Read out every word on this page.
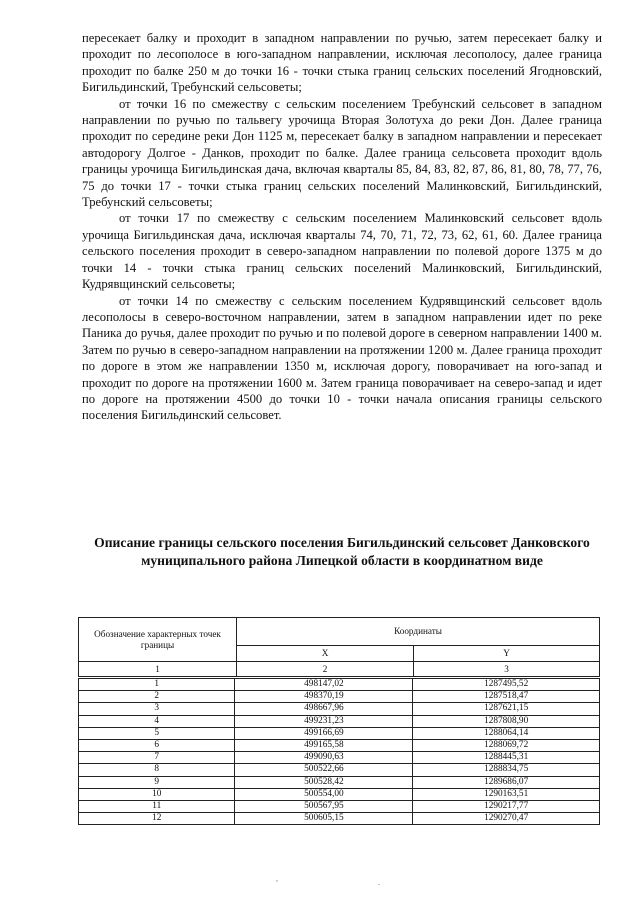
пересекает балку и проходит в западном направлении по ручью, затем пересекает балку и проходит по лесополосе в юго-западном направлении, исключая лесополосу, далее граница проходит по балке 250 м до точки 16 - точки стыка границ сельских поселений Ягодновский, Бигильдинский, Требунский сельсоветы;

от точки 16 по смежеству с сельским поселением Требунский сельсовет в западном направлении по ручью по тальвегу урочища Вторая Золотуха до реки Дон. Далее граница проходит по середине реки Дон 1125 м, пересекает балку в западном направлении и пересекает автодорогу Долгое - Данков, проходит по балке. Далее граница сельсовета проходит вдоль границы урочища Бигильдинская дача, включая кварталы 85, 84, 83, 82, 87, 86, 81, 80, 78, 77, 76, 75 до точки 17 - точки стыка границ сельских поселений Малинковский, Бигильдинский, Требунский сельсоветы;

от точки 17 по смежеству с сельским поселением Малинковский сельсовет вдоль урочища Бигильдинская дача, исключая кварталы 74, 70, 71, 72, 73, 62, 61, 60. Далее граница сельского поселения проходит в северо-западном направлении по полевой дороге 1375 м до точки 14 - точки стыка границ сельских поселений Малинковский, Бигильдинский, Кудрявщинский сельсоветы;

от точки 14 по смежеству с сельским поселением Кудрявщинский сельсовет вдоль лесополосы в северо-восточном направлении, затем в западном направлении идет по реке Паника до ручья, далее проходит по ручью и по полевой дороге в северном направлении 1400 м. Затем по ручью в северо-западном направлении на протяжении 1200 м. Далее граница проходит по дороге в этом же направлении 1350 м, исключая дорогу, поворачивает на юго-запад и проходит по дороге на протяжении 1600 м. Затем граница поворачивает на северо-запад и идет по дороге на протяжении 4500 до точки 10 - точки начала описания границы сельского поселения Бигильдинский сельсовет.

Описание границы сельского поселения Бигильдинский сельсовет Данковского муниципального района Липецкой области в координатном виде
Обозначение характерных точек границы	Координаты	
	X	Y
1	2	3
1	498147,02	1287495,52
2	498370,19	1287518,47
3	498667,96	1287621,15
4	499231,23	1287808,90
5	499166,69	1288064,14
6	499165,58	1288069,72
7	499090,63	1288445,31
8	500522,66	1288834,75
9	500528,42	1289686,07
10	500554,00	1290163,51
11	500567,95	1290217,77
12	500605,15	1290270,47
,	.
